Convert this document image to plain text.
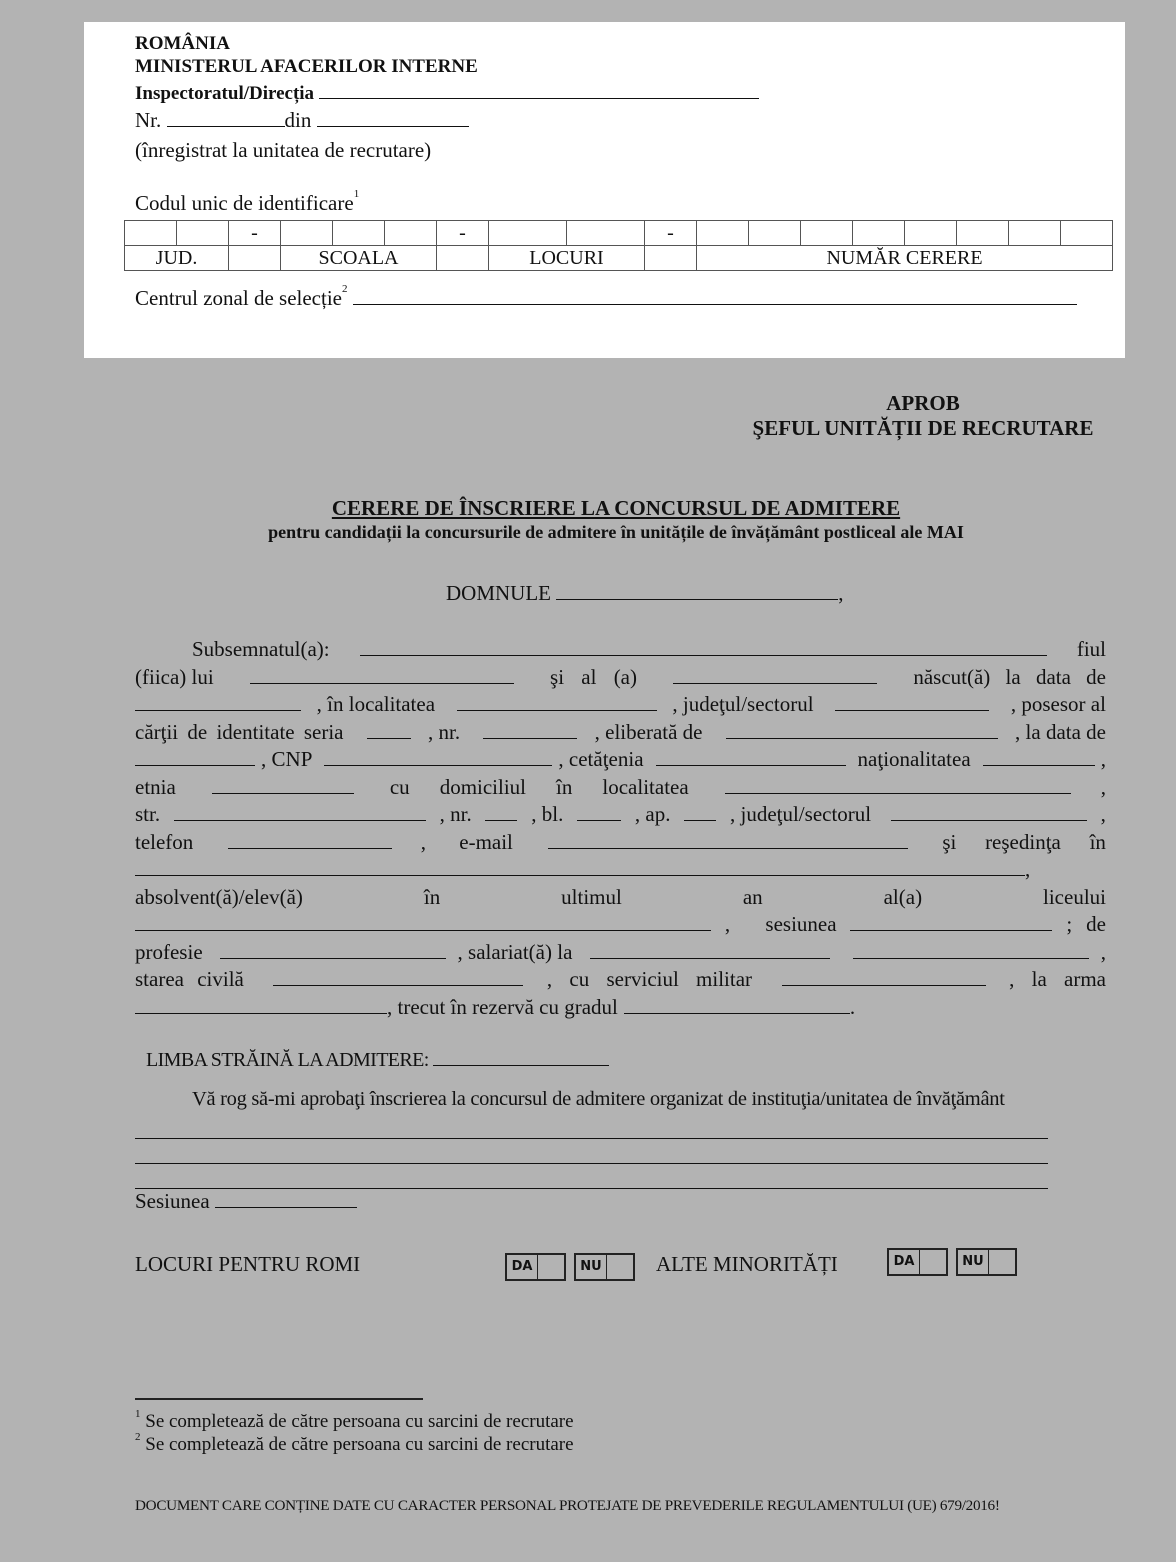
ROMÂNIA
MINISTERUL AFACERILOR INTERNE
Inspectoratul/Direcția
Nr.	din
(înregistrat la unitatea de recrutare)
Codul unic de identificare$^1$
		-				-			-								
JUD.			SCOALA				LOCURI			NUMĂR CERERE							
Centrul zonal de selecție$^2$
APROB
ŞEFUL UNITĂȚII DE RECRUTARE
CERERE DE ÎNSCRIERE LA CONCURSUL DE ADMITERE
pentru candidații la concursurile de admitere în unitățile de învățământ postliceal ale MAI
DOMNULE	,
Subsemnatul(a):	fiul
(fiica) lui	şi al (a)	născut(ă) la data de
, în localitatea	, judeţul/sectorul	, posesor al
cărţii de identitate seria	, nr.	, eliberată de	, la data de
, CNP	, cetăţenia	naţionalitatea	,
etnia	cu domiciliul în localitatea	,
str.	, nr.	, bl.	, ap.	, judeţul/sectorul	,
telefon	, e-mail	şi reşedinţa în
,
absolvent(ă)/elev(ă)	în	ultimul	an	al(a)	liceului
, sesiunea	; de
profesie	, salariat(ă) la	,
starea civilă	, cu serviciul militar	, la arma
, trecut în rezervă cu gradul	.
LIMBA STRĂINĂ LA ADMITERE:
Vă rog să-mi aprobaţi înscrierea la concursul de admitere organizat de instituţia/unitatea de învăţământ
Sesiunea
LOCURI PENTRU ROMI	DA
	NU	ALTE MINORITĂȚI	DA
	NU
$^1$ Se completează de către persoana cu sarcini de recrutare
$^2$ Se completează de către persoana cu sarcini de recrutare
DOCUMENT CARE CONȚINE DATE CU CARACTER PERSONAL PROTEJATE DE PREVEDERILE REGULAMENTULUI (UE) 679/2016!
